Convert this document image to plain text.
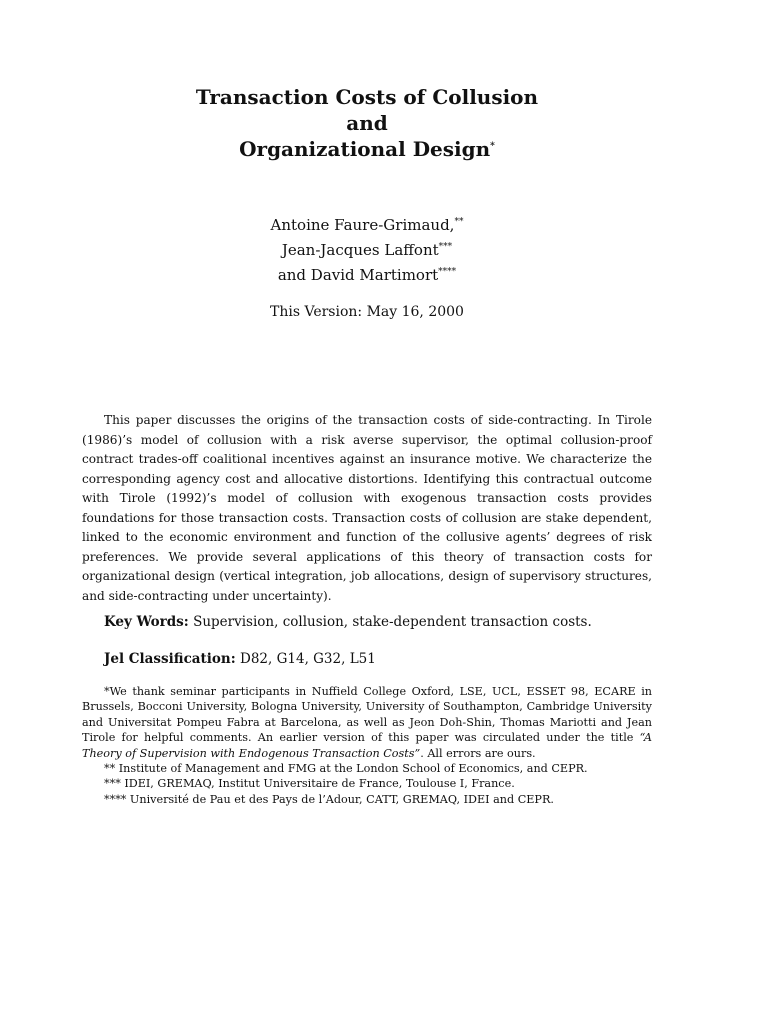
Transaction Costs of Collusion
and
Organizational Design*
Antoine Faure-Grimaud,**
Jean-Jacques Laffont***
and David Martimort****
This Version: May 16, 2000

This paper discusses the origins of the transaction costs of side-contracting. In Tirole (1986)’s model of collusion with a risk averse supervisor, the optimal collusion-proof contract trades-off coalitional incentives against an insurance motive. We characterize the corresponding agency cost and allocative distortions. Identifying this contractual outcome with Tirole (1992)’s model of collusion with exogenous transaction costs provides foundations for those transaction costs. Transaction costs of collusion are stake dependent, linked to the economic environment and function of the collusive agents’ degrees of risk preferences. We provide several applications of this theory of transaction costs for organizational design (vertical integration, job allocations, design of supervisory structures, and side-contracting under uncertainty).

Key Words: Supervision, collusion, stake-dependent transaction costs.
Jel Classification: D82, G14, G32, L51

*We thank seminar participants in Nuffield College Oxford, LSE, UCL, ESSET 98, ECARE in Brussels, Bocconi University, Bologna University, University of Southampton, Cambridge University and Universitat Pompeu Fabra at Barcelona, as well as Jeon Doh-Shin, Thomas Mariotti and Jean Tirole for helpful comments. An earlier version of this paper was circulated under the title “A Theory of Supervision with Endogenous Transaction Costs”. All errors are ours.

** Institute of Management and FMG at the London School of Economics, and CEPR.

*** IDEI, GREMAQ, Institut Universitaire de France, Toulouse I, France.

**** Université de Pau et des Pays de l’Adour, CATT, GREMAQ, IDEI and CEPR.
